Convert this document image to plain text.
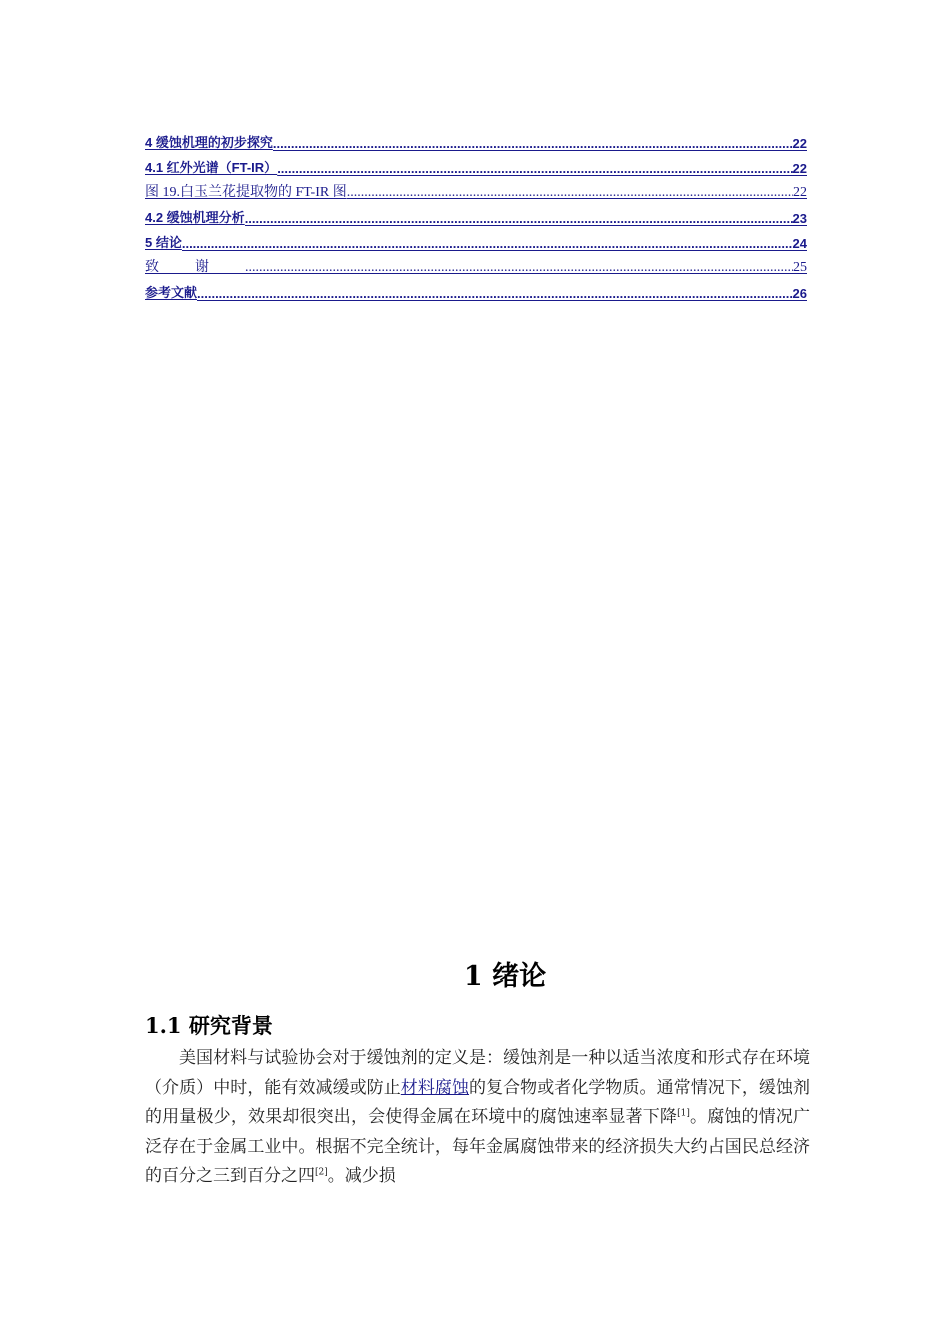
4 缓蚀机理的初步探究 .....	22
4.1 红外光谱（FT-IR） .....	22
图 19.白玉兰花提取物的 FT-IR 图 .....	22
4.2 缓蚀机理分析 .....	23
5 结论 .....	24
致谢 .....	25
参考文献 .....	26
1 绪论
1.1 研究背景

美国材料与试验协会对于缓蚀剂的定义是：缓蚀剂是一种以适当浓度和形式存在环境（介质）中时，能有效减缓或防止材料腐蚀的复合物或者化学物质。通常情况下，缓蚀剂的用量极少，效果却很突出，会使得金属在环境中的腐蚀速率显著下降[1]。腐蚀的情况广泛存在于金属工业中。根据不完全统计，每年金属腐蚀带来的经济损失大约占国民总经济的百分之三到百分之四[2]。减少损
